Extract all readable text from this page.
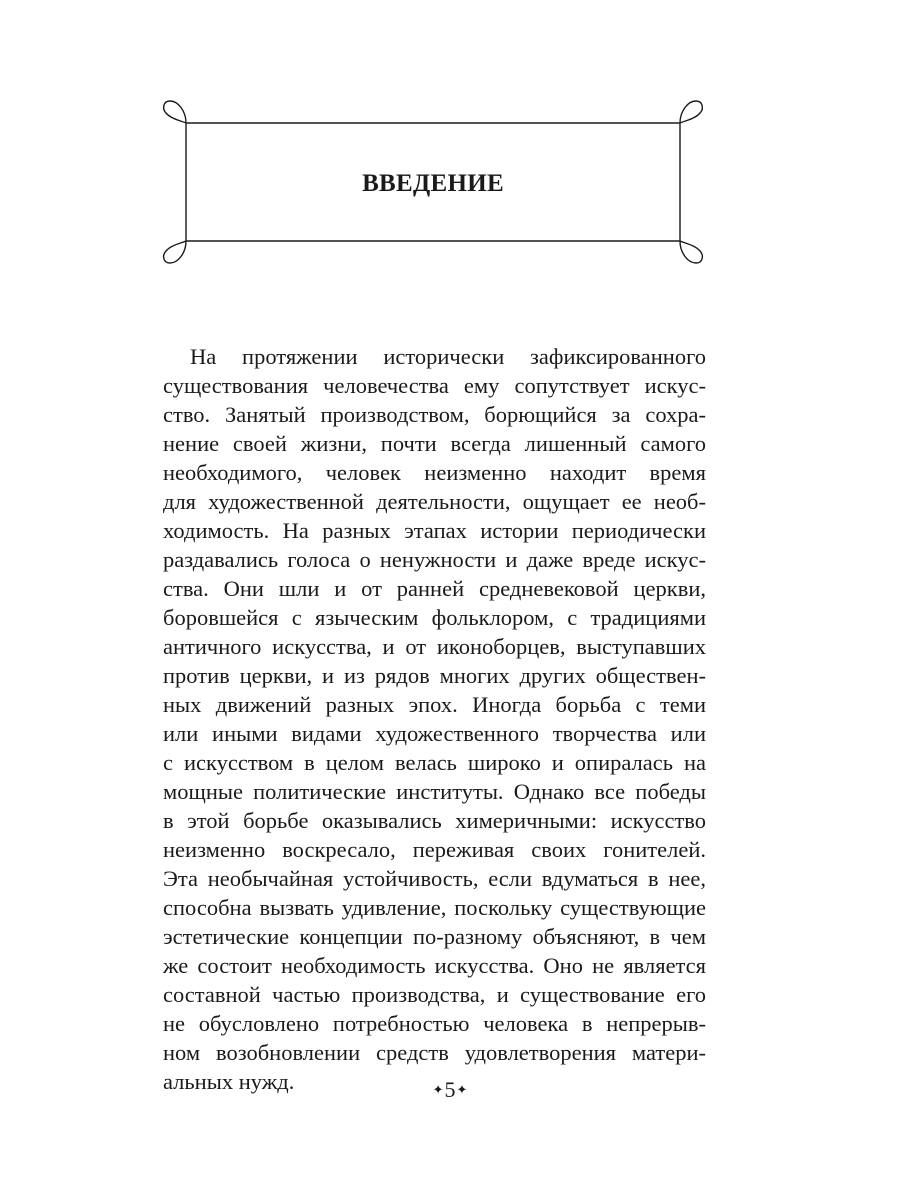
ВВЕДЕНИЕ
На протяжении исторически зафиксированного
существования человечества ему сопутствует искус-
ство. Занятый производством, борющийся за сохра-
нение своей жизни, почти всегда лишенный самого
необходимого, человек неизменно находит время
для художественной деятельности, ощущает ее необ-
ходимость. На разных этапах истории периодически
раздавались голоса о ненужности и даже вреде искус-
ства. Они шли и от ранней средневековой церкви,
боровшейся с языческим фольклором, с традициями
античного искусства, и от иконоборцев, выступавших
против церкви, и из рядов многих других обществен-
ных движений разных эпох. Иногда борьба с теми
или иными видами художественного творчества или
с искусством в целом велась широко и опиралась на
мощные политические институты. Однако все победы
в этой борьбе оказывались химеричными: искусство
неизменно воскресало, переживая своих гонителей.
Эта необычайная устойчивость, если вдуматься в нее,
способна вызвать удивление, поскольку существующие
эстетические концепции по-разному объясняют, в чем
же состоит необходимость искусства. Оно не является
составной частью производства, и существование его
не обусловлено потребностью человека в непрерыв-
ном возобновлении средств удовлетворения матери-
альных нужд.	✦5✦
